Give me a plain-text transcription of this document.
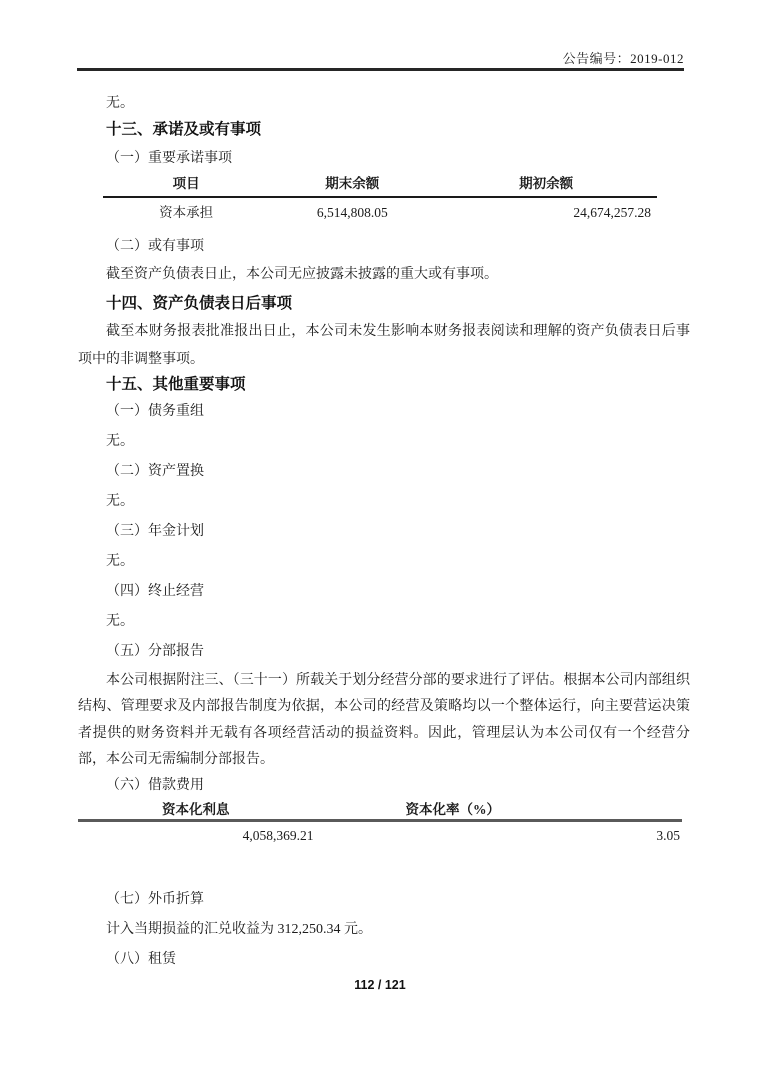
公告编号：2019-012

无。

十三、承诺及或有事项

（一）重要承诺事项

项目	期末余额	期初余额
资本承担	6,514,808.05	24,674,257.28

（二）或有事项

截至资产负债表日止，本公司无应披露未披露的重大或有事项。

十四、资产负债表日后事项

截至本财务报表批准报出日止，本公司未发生影响本财务报表阅读和理解的资产负债表日后事项中的非调整事项。

十五、其他重要事项

（一）债务重组

无。

（二）资产置换

无。

（三）年金计划

无。

（四）终止经营

无。

（五）分部报告

本公司根据附注三、（三十一）所载关于划分经营分部的要求进行了评估。根据本公司内部组织结构、管理要求及内部报告制度为依据，本公司的经营及策略均以一个整体运行，向主要营运决策者提供的财务资料并无载有各项经营活动的损益资料。因此，管理层认为本公司仅有一个经营分部，本公司无需编制分部报告。

（六）借款费用

资本化利息	资本化率（%）
4,058,369.21	3.05

（七）外币折算

计入当期损益的汇兑收益为 312,250.34 元。

（八）租赁

112 / 121
